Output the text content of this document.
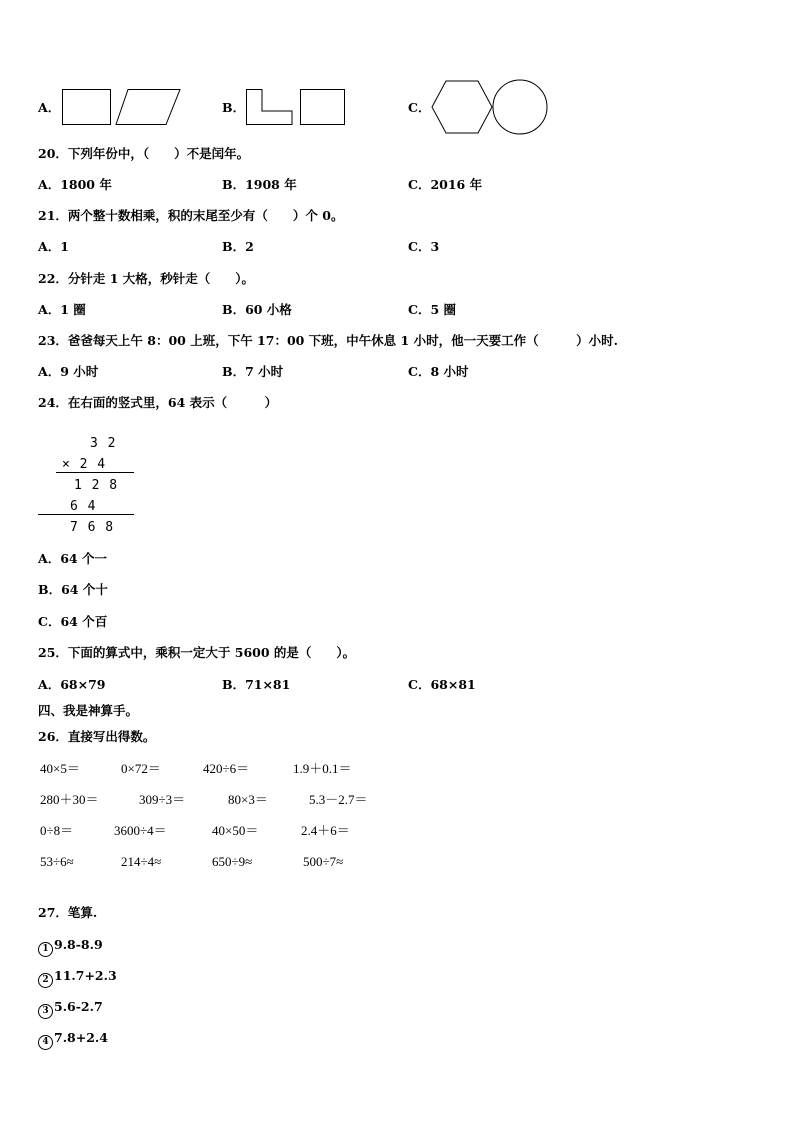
A．	B．	C．
20．下列年份中，（　　）不是闰年。
A．1800 年	B．1908 年	C．2016 年
21．两个整十数相乘，积的末尾至少有（　　）个 0。
A．1	B．2	C．3
22．分针走 1 大格，秒针走（　　）。
A．1 圈	B．60 小格	C．5 圈
23．爸爸每天上午 8：00 上班，下午 17：00 下班，中午休息 1 小时，他一天要工作（　　　）小时.
A．9 小时	B．7 小时	C．8 小时
24．在右面的竖式里，64 表示（　　　）
3 2
× 2 4
1 2 8
6 4
7 6 8
A．64 个一
B．64 个十
C．64 个百
25．下面的算式中，乘积一定大于 5600 的是（　　）。
A．68×79	B．71×81	C．68×81
四、我是神算手。
26．直接写出得数。
40×5＝	0×72＝	420÷6＝	1.9＋0.1＝
280＋30＝	309÷3＝	80×3＝	5.3－2.7＝
0÷8＝	3600÷4＝	40×50＝	2.4＋6＝
53÷6≈	214÷4≈	650÷9≈	500÷7≈
27．笔算.
1 9.8-8.9
2 11.7+2.3
3 5.6-2.7
4 7.8+2.4
